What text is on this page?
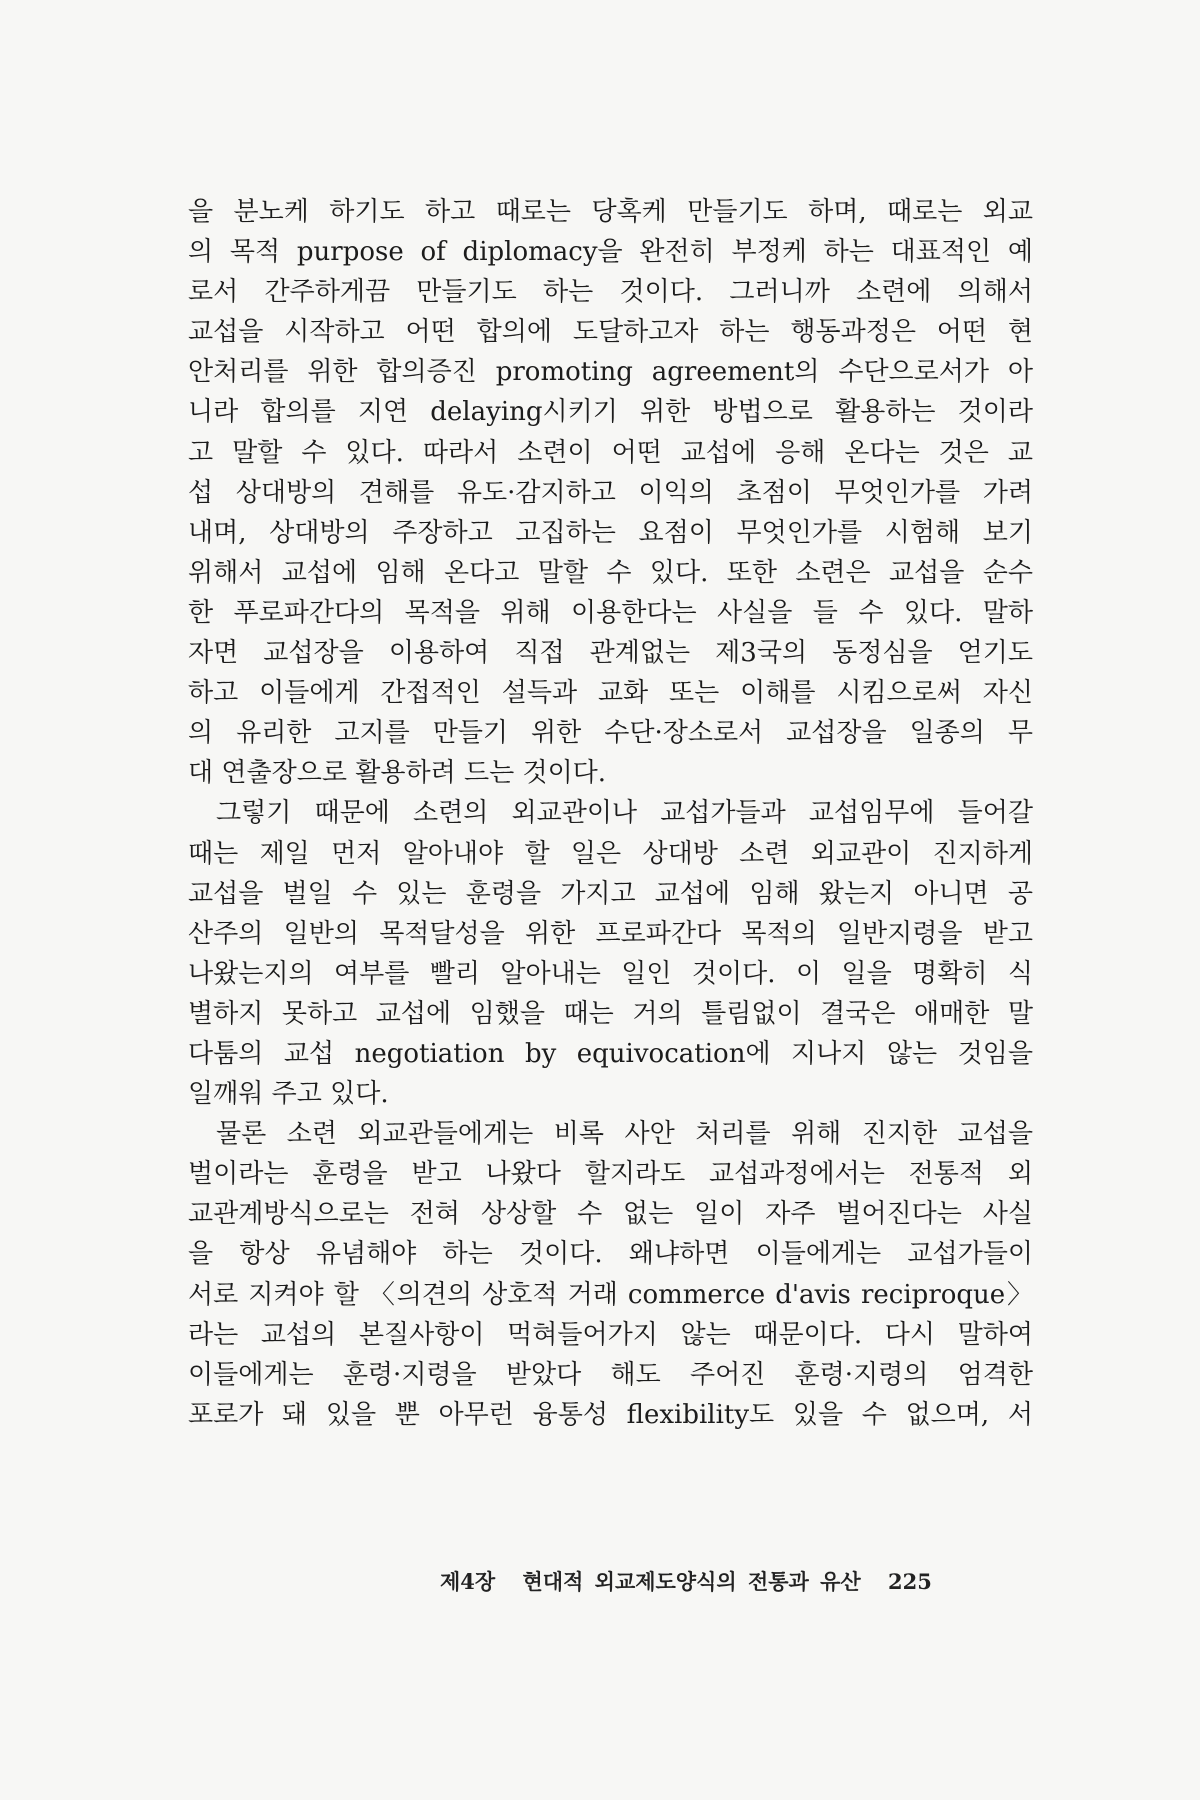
을 분노케 하기도 하고 때로는 당혹케 만들기도 하며, 때로는 외교
의 목적 purpose of diplomacy을 완전히 부정케 하는 대표적인 예
로서 간주하게끔 만들기도 하는 것이다. 그러니까 소련에 의해서
교섭을 시작하고 어떤 합의에 도달하고자 하는 행동과정은 어떤 현
안처리를 위한 합의증진 promoting agreement의 수단으로서가 아
니라 합의를 지연 delaying시키기 위한 방법으로 활용하는 것이라
고 말할 수 있다. 따라서 소련이 어떤 교섭에 응해 온다는 것은 교
섭 상대방의 견해를 유도·감지하고 이익의 초점이 무엇인가를 가려
내며, 상대방의 주장하고 고집하는 요점이 무엇인가를 시험해 보기
위해서 교섭에 임해 온다고 말할 수 있다. 또한 소련은 교섭을 순수
한 푸로파간다의 목적을 위해 이용한다는 사실을 들 수 있다. 말하
자면 교섭장을 이용하여 직접 관계없는 제3국의 동정심을 얻기도
하고 이들에게 간접적인 설득과 교화 또는 이해를 시킴으로써 자신
의 유리한 고지를 만들기 위한 수단·장소로서 교섭장을 일종의 무
대 연출장으로 활용하려 드는 것이다.
그렇기 때문에 소련의 외교관이나 교섭가들과 교섭임무에 들어갈
때는 제일 먼저 알아내야 할 일은 상대방 소련 외교관이 진지하게
교섭을 벌일 수 있는 훈령을 가지고 교섭에 임해 왔는지 아니면 공
산주의 일반의 목적달성을 위한 프로파간다 목적의 일반지령을 받고
나왔는지의 여부를 빨리 알아내는 일인 것이다. 이 일을 명확히 식
별하지 못하고 교섭에 임했을 때는 거의 틀림없이 결국은 애매한 말
다툼의 교섭 negotiation by equivocation에 지나지 않는 것임을
일깨워 주고 있다.
물론 소련 외교관들에게는 비록 사안 처리를 위해 진지한 교섭을
벌이라는 훈령을 받고 나왔다 할지라도 교섭과정에서는 전통적 외
교관계방식으로는 전혀 상상할 수 없는 일이 자주 벌어진다는 사실
을 항상 유념해야 하는 것이다. 왜냐하면 이들에게는 교섭가들이
서로 지켜야 할 〈의견의 상호적 거래 commerce d'avis reciproque〉
라는 교섭의 본질사항이 먹혀들어가지 않는 때문이다. 다시 말하여
이들에게는 훈령·지령을 받았다 해도 주어진 훈령·지령의 엄격한
포로가 돼 있을 뿐 아무런 융통성 flexibility도 있을 수 없으며, 서
제4장 현대적 외교제도양식의 전통과 유산 225
